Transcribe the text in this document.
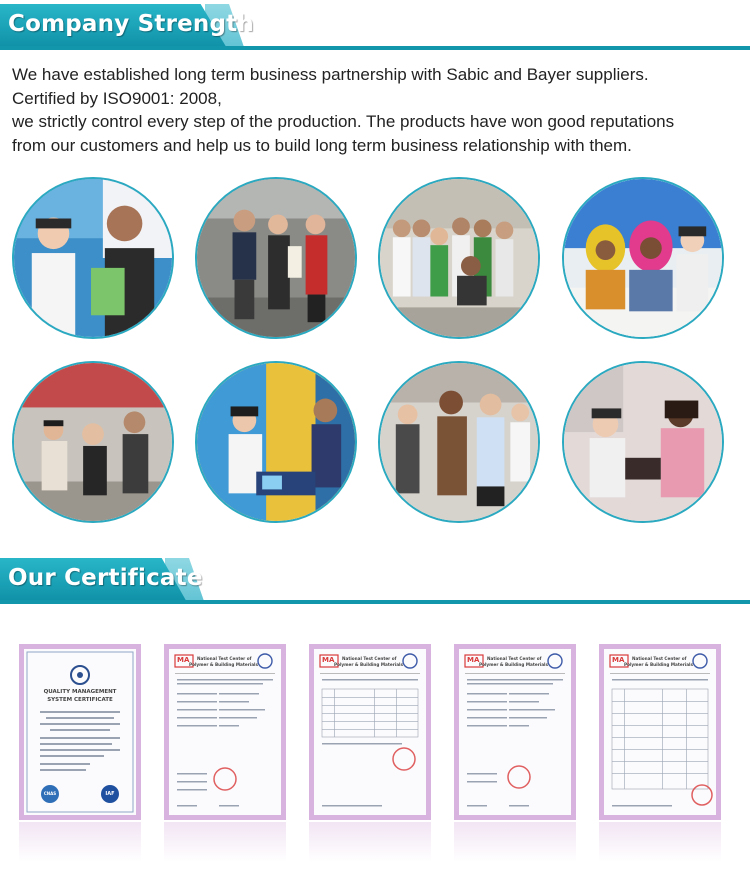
Company Strength

We have established long term business partnership with Sabic and Bayer suppliers.

Certified by ISO9001: 2008,

we strictly control every step of the production. The products have won good reputations

from our customers and help us to build long term business relationship with them.

Our Certificate
QUALITY MANAGEMENT
SYSTEM CERTIFICATE
CNAS	IAF
National Test Center of
Polymer & Building Materials
MA	National Test Center of
Polymer & Building Materials
MA	National Test Center of
Polymer & Building Materials
MA	National Test Center of
Polymer & Building Materials
MA
